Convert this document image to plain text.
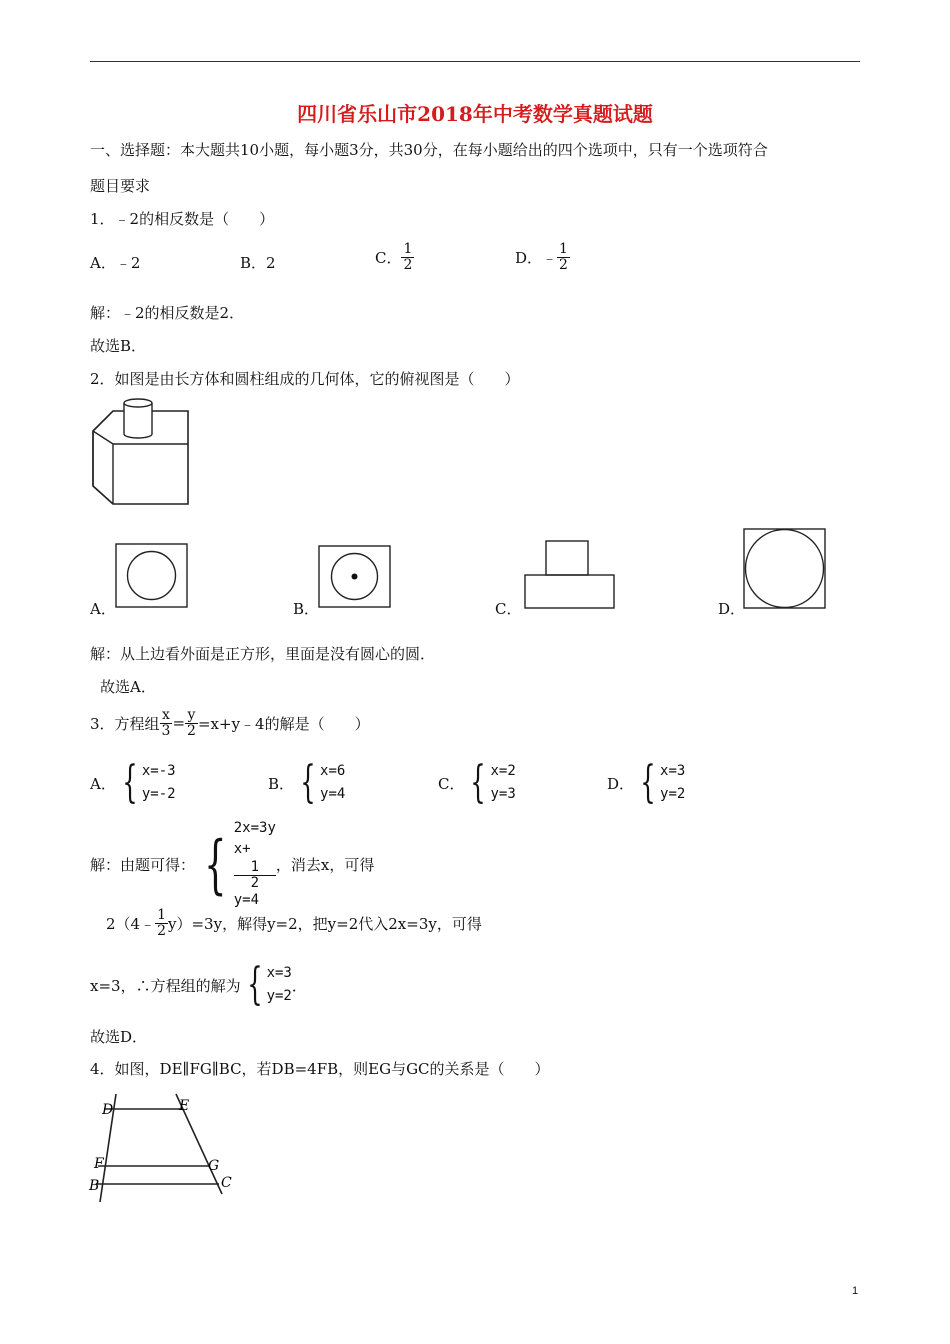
四川省乐山市2018年中考数学真题试题
一、选择题：本大题共10小题，每小题3分，共30分，在每小题给出的四个选项中，只有一个选项符合
题目要求
1．﹣2的相反数是（　　）
A．﹣2	B．2	C． $\frac{1}{2}$	D．﹣ $\frac{1}{2}$
解：﹣2的相反数是2．
故选B．
2．如图是由长方体和圆柱组成的几何体，它的俯视图是（　　）
A．	B．	C．	D．
解：从上边看外面是正方形，里面是没有圆心的圆．
故选A．
3．方程组 $\frac{x}{3} = \frac{y}{2}$ =x+y﹣4的解是（　　）
A． { x=-3
y=-2
B． { x=6
y=4
C． { x=2
y=3
D． { x=3
y=2
解：由题可得： { 2x=3y
x+
1
2
y=4
，消去x，可得
2（4﹣ $\frac{1}{2} y)=3y$，解得y=2，把y=2代入2x=3y，可得
x=3，∴方程组的解为 { x=3
y=2
．
故选D．
4．如图，DE∥FG∥BC，若DB=4FB，则EG与GC的关系是（　　）
D	E
F	G
B	C
1
